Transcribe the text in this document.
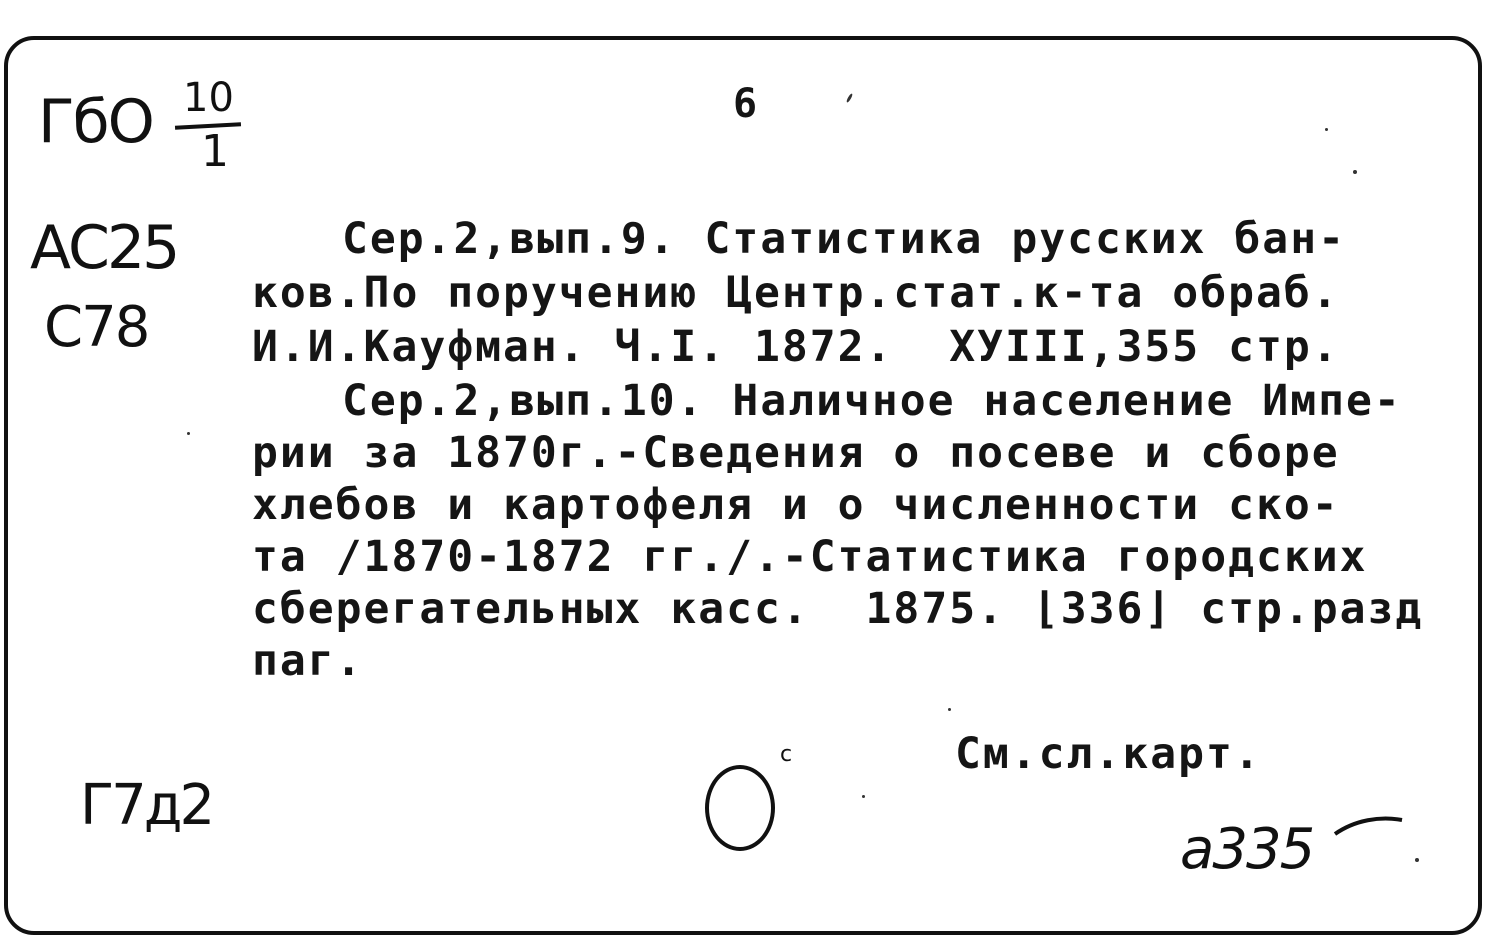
ГбО 10
1
АС25
С78
6
Сер.2,вып.9. Статистика русских бан-
ков.По поручению Центр.стат.к-та обраб.
И.И.Кауфман. Ч.I. 1872.  ХУIII,355 стр.
Сер.2,вып.10. Наличное население Импе-
рии за 1870г.-Сведения о посеве и сборе
хлебов и картофеля и о численности ско-
та /1870-1872 гг./.-Статистика городских
сберегательных касс.  1875. ⌊336⌋ стр.разд
паг.
См.сл.карт.
с
Г7д2
а335
